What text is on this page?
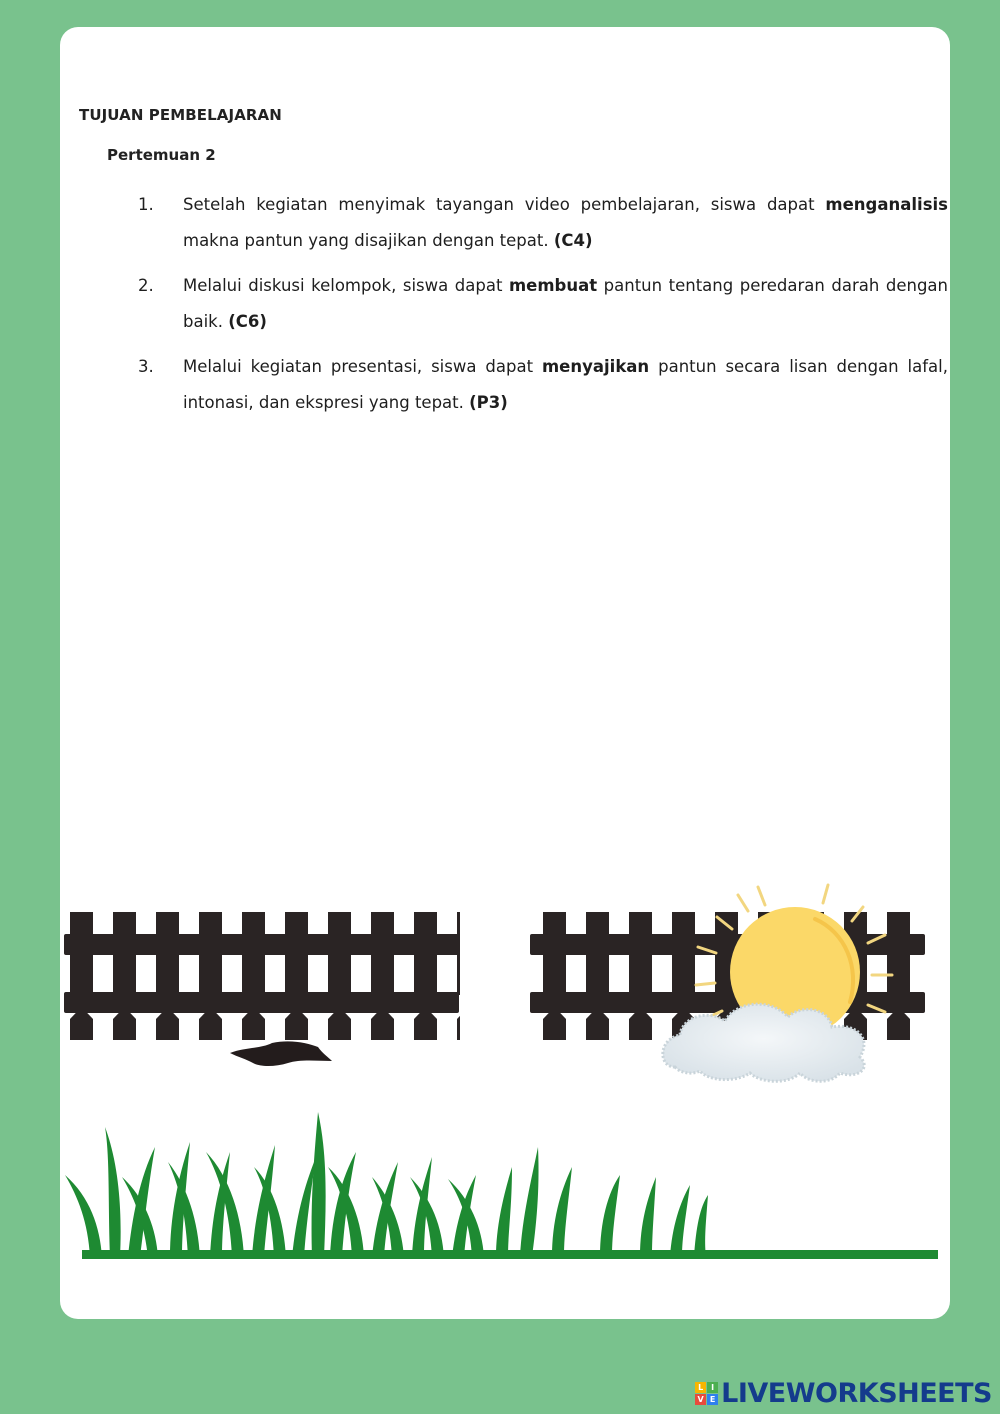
TUJUAN PEMBELAJARAN
Pertemuan 2
1. Setelah kegiatan menyimak tayangan video pembelajaran, siswa dapat menganalisis makna pantun yang disajikan dengan tepat. (C4)
2. Melalui diskusi kelompok, siswa dapat membuat pantun tentang peredaran darah dengan baik. (C6)
3. Melalui kegiatan presentasi, siswa dapat menyajikan pantun secara lisan dengan lafal, intonasi, dan ekspresi yang tepat. (P3)
L I
V E LIVEWORKSHEETS
